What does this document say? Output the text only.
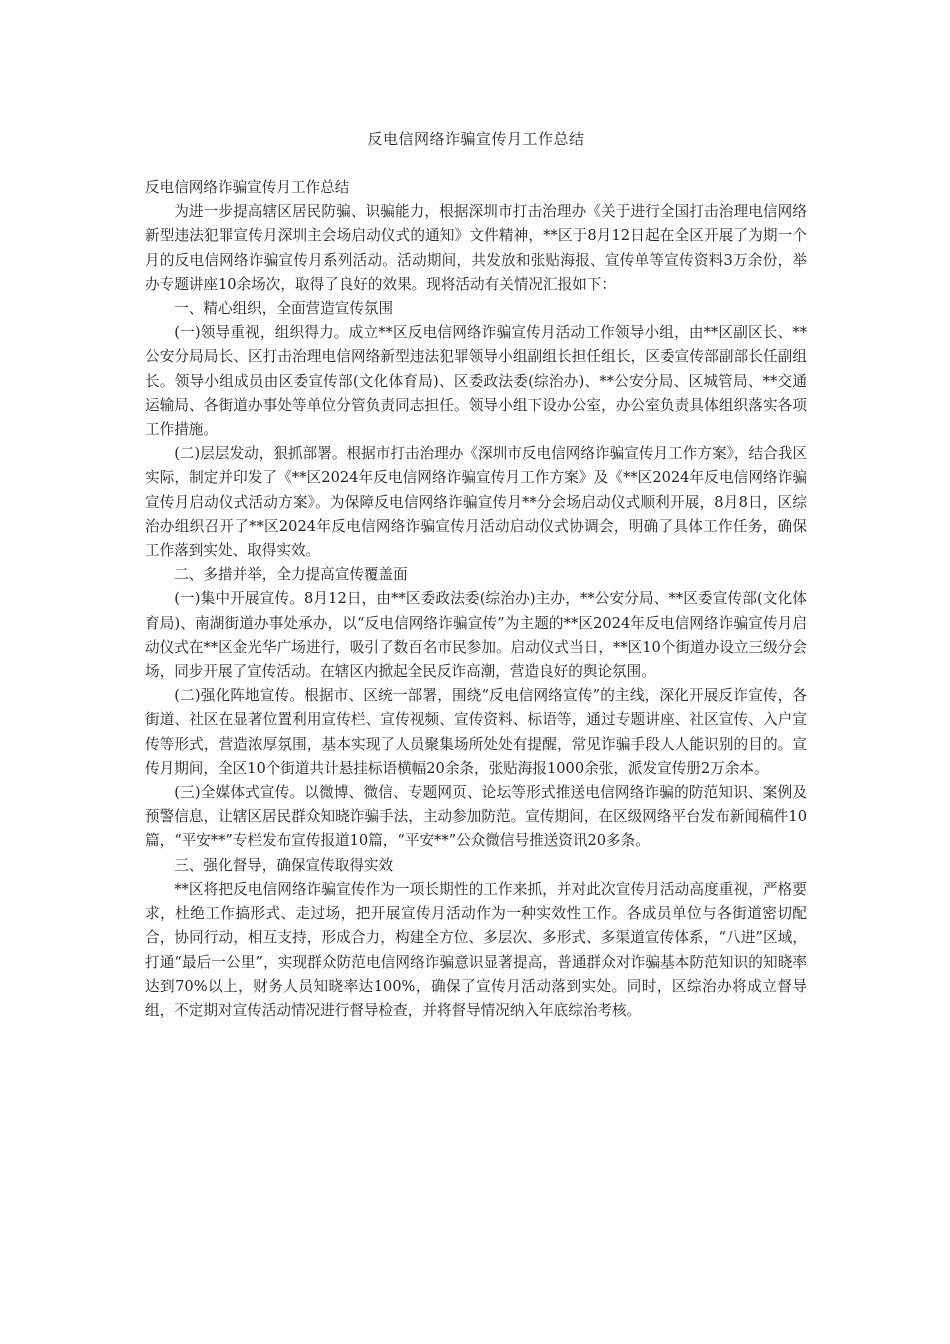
反电信网络诈骗宣传月工作总结

反电信网络诈骗宣传月工作总结

为进一步提高辖区居民防骗、识骗能力，根据深圳市打击治理办《关于进行全国打击治理电信网络新型违法犯罪宣传月深圳主会场启动仪式的通知》文件精神，**区于8月12日起在全区开展了为期一个月的反电信网络诈骗宣传月系列活动。活动期间，共发放和张贴海报、宣传单等宣传资料3万余份，举办专题讲座10余场次，取得了良好的效果。现将活动有关情况汇报如下：

一、精心组织，全面营造宣传氛围

(一)领导重视，组织得力。成立**区反电信网络诈骗宣传月活动工作领导小组，由**区副区长、**公安分局局长、区打击治理电信网络新型违法犯罪领导小组副组长担任组长，区委宣传部副部长任副组长。领导小组成员由区委宣传部(文化体育局)、区委政法委(综治办)、**公安分局、区城管局、**交通运输局、各街道办事处等单位分管负责同志担任。领导小组下设办公室，办公室负责具体组织落实各项工作措施。

(二)层层发动，狠抓部署。根据市打击治理办《深圳市反电信网络诈骗宣传月工作方案》，结合我区实际，制定并印发了《**区2024年反电信网络诈骗宣传月工作方案》及《**区2024年反电信网络诈骗宣传月启动仪式活动方案》。为保障反电信网络诈骗宣传月**分会场启动仪式顺利开展，8月8日，区综治办组织召开了**区2024年反电信网络诈骗宣传月活动启动仪式协调会，明确了具体工作任务，确保工作落到实处、取得实效。

二、多措并举，全力提高宣传覆盖面

(一)集中开展宣传。8月12日，由**区委政法委(综治办)主办，**公安分局、**区委宣传部(文化体育局)、南湖街道办事处承办，以“反电信网络诈骗宣传”为主题的**区2024年反电信网络诈骗宣传月启动仪式在**区金光华广场进行，吸引了数百名市民参加。启动仪式当日，**区10个街道办设立三级分会场，同步开展了宣传活动。在辖区内掀起全民反诈高潮，营造良好的舆论氛围。

(二)强化阵地宣传。根据市、区统一部署，围绕“反电信网络宣传”的主线，深化开展反诈宣传，各街道、社区在显著位置利用宣传栏、宣传视频、宣传资料、标语等，通过专题讲座、社区宣传、入户宣传等形式，营造浓厚氛围，基本实现了人员聚集场所处处有提醒，常见诈骗手段人人能识别的目的。宣传月期间，全区10个街道共计悬挂标语横幅20余条，张贴海报1000余张，派发宣传册2万余本。

(三)全媒体式宣传。以微博、微信、专题网页、论坛等形式推送电信网络诈骗的防范知识、案例及预警信息，让辖区居民群众知晓诈骗手法，主动参加防范。宣传期间，在区级网络平台发布新闻稿件10篇，“平安**”专栏发布宣传报道10篇，“平安**”公众微信号推送资讯20多条。

三、强化督导，确保宣传取得实效

**区将把反电信网络诈骗宣传作为一项长期性的工作来抓，并对此次宣传月活动高度重视，严格要求，杜绝工作搞形式、走过场，把开展宣传月活动作为一种实效性工作。各成员单位与各街道密切配合，协同行动，相互支持，形成合力，构建全方位、多层次、多形式、多渠道宣传体系，“八进”区域，打通“最后一公里”，实现群众防范电信网络诈骗意识显著提高，普通群众对诈骗基本防范知识的知晓率达到70%以上，财务人员知晓率达100%，确保了宣传月活动落到实处。同时，区综治办将成立督导组，不定期对宣传活动情况进行督导检查，并将督导情况纳入年底综治考核。
